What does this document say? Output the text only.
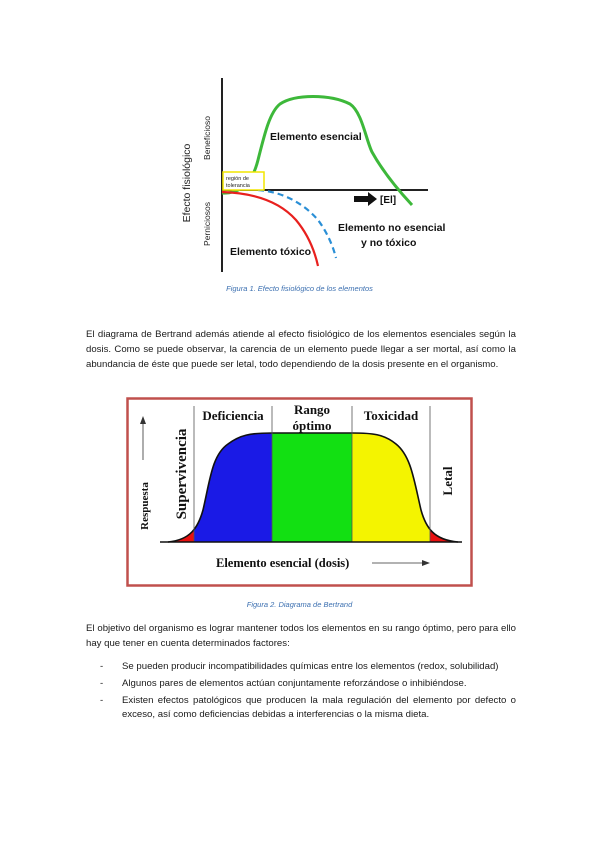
Efecto fisiológico
Beneficioso
Perniciosos
región de
tolerancia
[El]
Elemento esencial
Elemento no esencial
y no tóxico
Elemento tóxico
Figura 1. Efecto fisiológico de los elementos
El diagrama de Bertrand además atiende al efecto fisiológico de los elementos esenciales según la dosis. Como se puede observar, la carencia de un elemento puede llegar a ser mortal, así como la abundancia de éste que puede ser letal, todo dependiendo de la dosis presente en el organismo.
Respuesta Supervivencia
Deficiencia Rango
óptimo
Toxicidad
Letal
Elemento esencial (dosis)
Figura 2. Diagrama de Bertrand
El objetivo del organismo es lograr mantener todos los elementos en su rango óptimo, pero para ello hay que tener en cuenta determinados factores:
- Se pueden producir incompatibilidades químicas entre los elementos (redox, solubilidad)
- Algunos pares de elementos actúan conjuntamente reforzándose o inhibiéndose.
- Existen efectos patológicos que producen la mala regulación del elemento por defecto o exceso, así como deficiencias debidas a interferencias o la misma dieta.
